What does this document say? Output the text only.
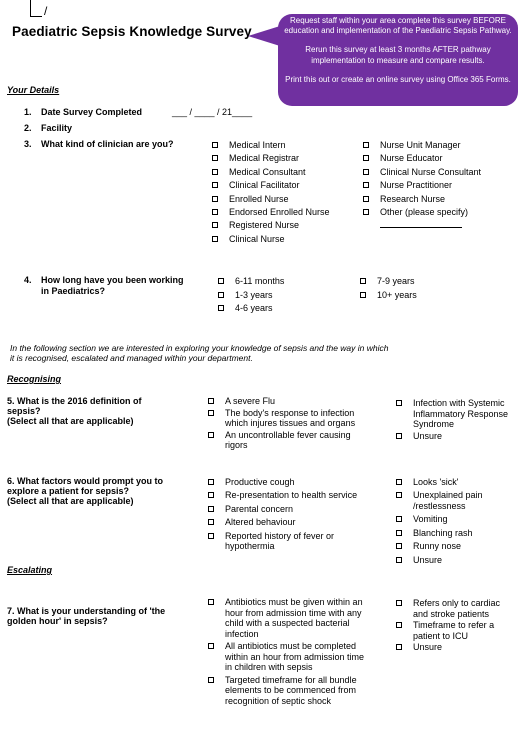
/
Paediatric Sepsis Knowledge Survey

Request staff within your area complete this survey BEFORE education and implementation of the Paediatric Sepsis Pathway.

Rerun this survey at least 3 months AFTER pathway implementation to measure and compare results.

Print this out or create an online survey using Office 365 Forms.

Your Details
1. Date Survey Completed	___ / ____ / 21____
2. Facility
3. What kind of clinician are you?	Medical Intern
Medical Registrar
Medical Consultant
Clinical Facilitator
Enrolled Nurse
Endorsed Enrolled Nurse
Registered Nurse
Clinical Nurse
Nurse Unit Manager
Nurse Educator
Clinical Nurse Consultant
Nurse Practitioner
Research Nurse
Other (please specify)
4. How long have you been working
in Paediatrics?
6-11 months
1-3 years
4-6 years
7-9 years
10+ years
In the following section we are interested in exploring your knowledge of sepsis and the way in which
it is recognised, escalated and managed within your department.
Recognising
5. What is the 2016 definition of
sepsis?
(Select all that are applicable)
A severe Flu
The body's response to infection which injures tissues and organs
An uncontrollable fever causing rigors
Infection with Systemic Inflammatory Response Syndrome
Unsure
6. What factors would prompt you to
explore a patient for sepsis?
(Select all that are applicable)
Productive cough
Re-presentation to health service
Parental concern
Altered behaviour
Reported history of fever or hypothermia
Looks 'sick'
Unexplained pain /restlessness
Vomiting
Blanching rash
Runny nose
Unsure
Escalating
7. What is your understanding of 'the
golden hour' in sepsis?
Antibiotics must be given within an hour from admission time with any child with a suspected bacterial infection
All antibiotics must be completed within an hour from admission time in children with sepsis
Targeted timeframe for all bundle elements to be commenced from recognition of septic shock
Refers only to cardiac and stroke patients
Timeframe to refer a patient to ICU
Unsure
